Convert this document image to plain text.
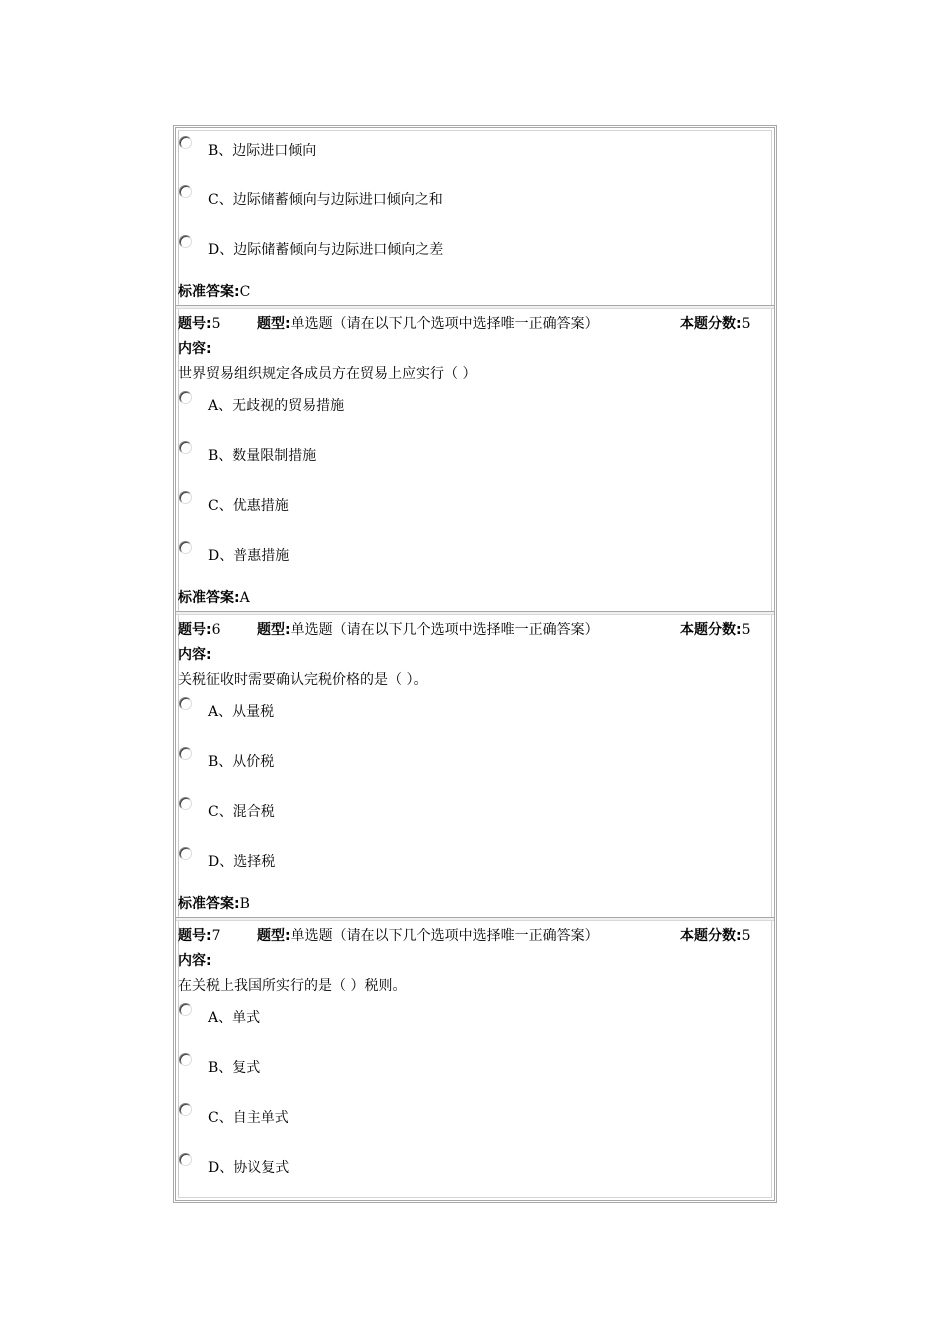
B、边际进口倾向
C、边际储蓄倾向与边际进口倾向之和
D、边际储蓄倾向与边际进口倾向之差
标准答案:C
题号:5	题型:单选题（请在以下几个选项中选择唯一正确答案）	本题分数:5
内容:
世界贸易组织规定各成员方在贸易上应实行（ ）
A、无歧视的贸易措施
B、数量限制措施
C、优惠措施
D、普惠措施
标准答案:A
题号:6	题型:单选题（请在以下几个选项中选择唯一正确答案）	本题分数:5
内容:
关税征收时需要确认完税价格的是（ ）。
A、从量税
B、从价税
C、混合税
D、选择税
标准答案:B
题号:7	题型:单选题（请在以下几个选项中选择唯一正确答案）	本题分数:5
内容:
在关税上我国所实行的是（ ）税则。
A、单式
B、复式
C、自主单式
D、协议复式
